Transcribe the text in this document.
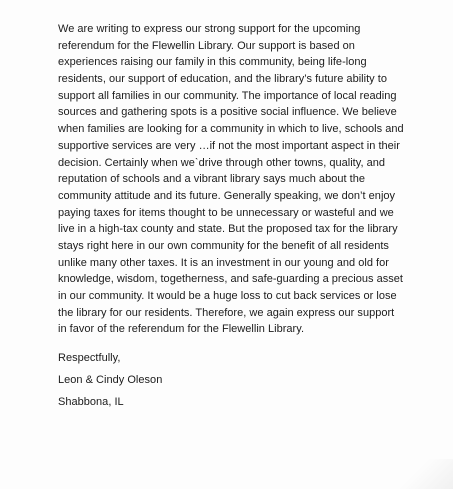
We are writing to express our strong support for the upcoming
referendum for the Flewellin Library. Our support is based on
experiences raising our family in this community, being life-long
residents, our support of education, and the library’s future ability to
support all families in our community. The importance of local reading
sources and gathering spots is a positive social influence. We believe
when families are looking for a community in which to live, schools and
supportive services are very …if not the most important aspect in their
decision. Certainly when weˋdrive through other towns, quality, and
reputation of schools and a vibrant library says much about the
community attitude and its future. Generally speaking, we don’t enjoy
paying taxes for items thought to be unnecessary or wasteful and we
live in a high-tax county and state. But the proposed tax for the library
stays right here in our own community for the benefit of all residents
unlike many other taxes. It is an investment in our young and old for
knowledge, wisdom, togetherness, and safe-guarding a precious asset
in our community. It would be a huge loss to cut back services or lose
the library for our residents. Therefore, we again express our support
in favor of the referendum for the Flewellin Library.
Respectfully,
Leon & Cindy Oleson
Shabbona, IL
